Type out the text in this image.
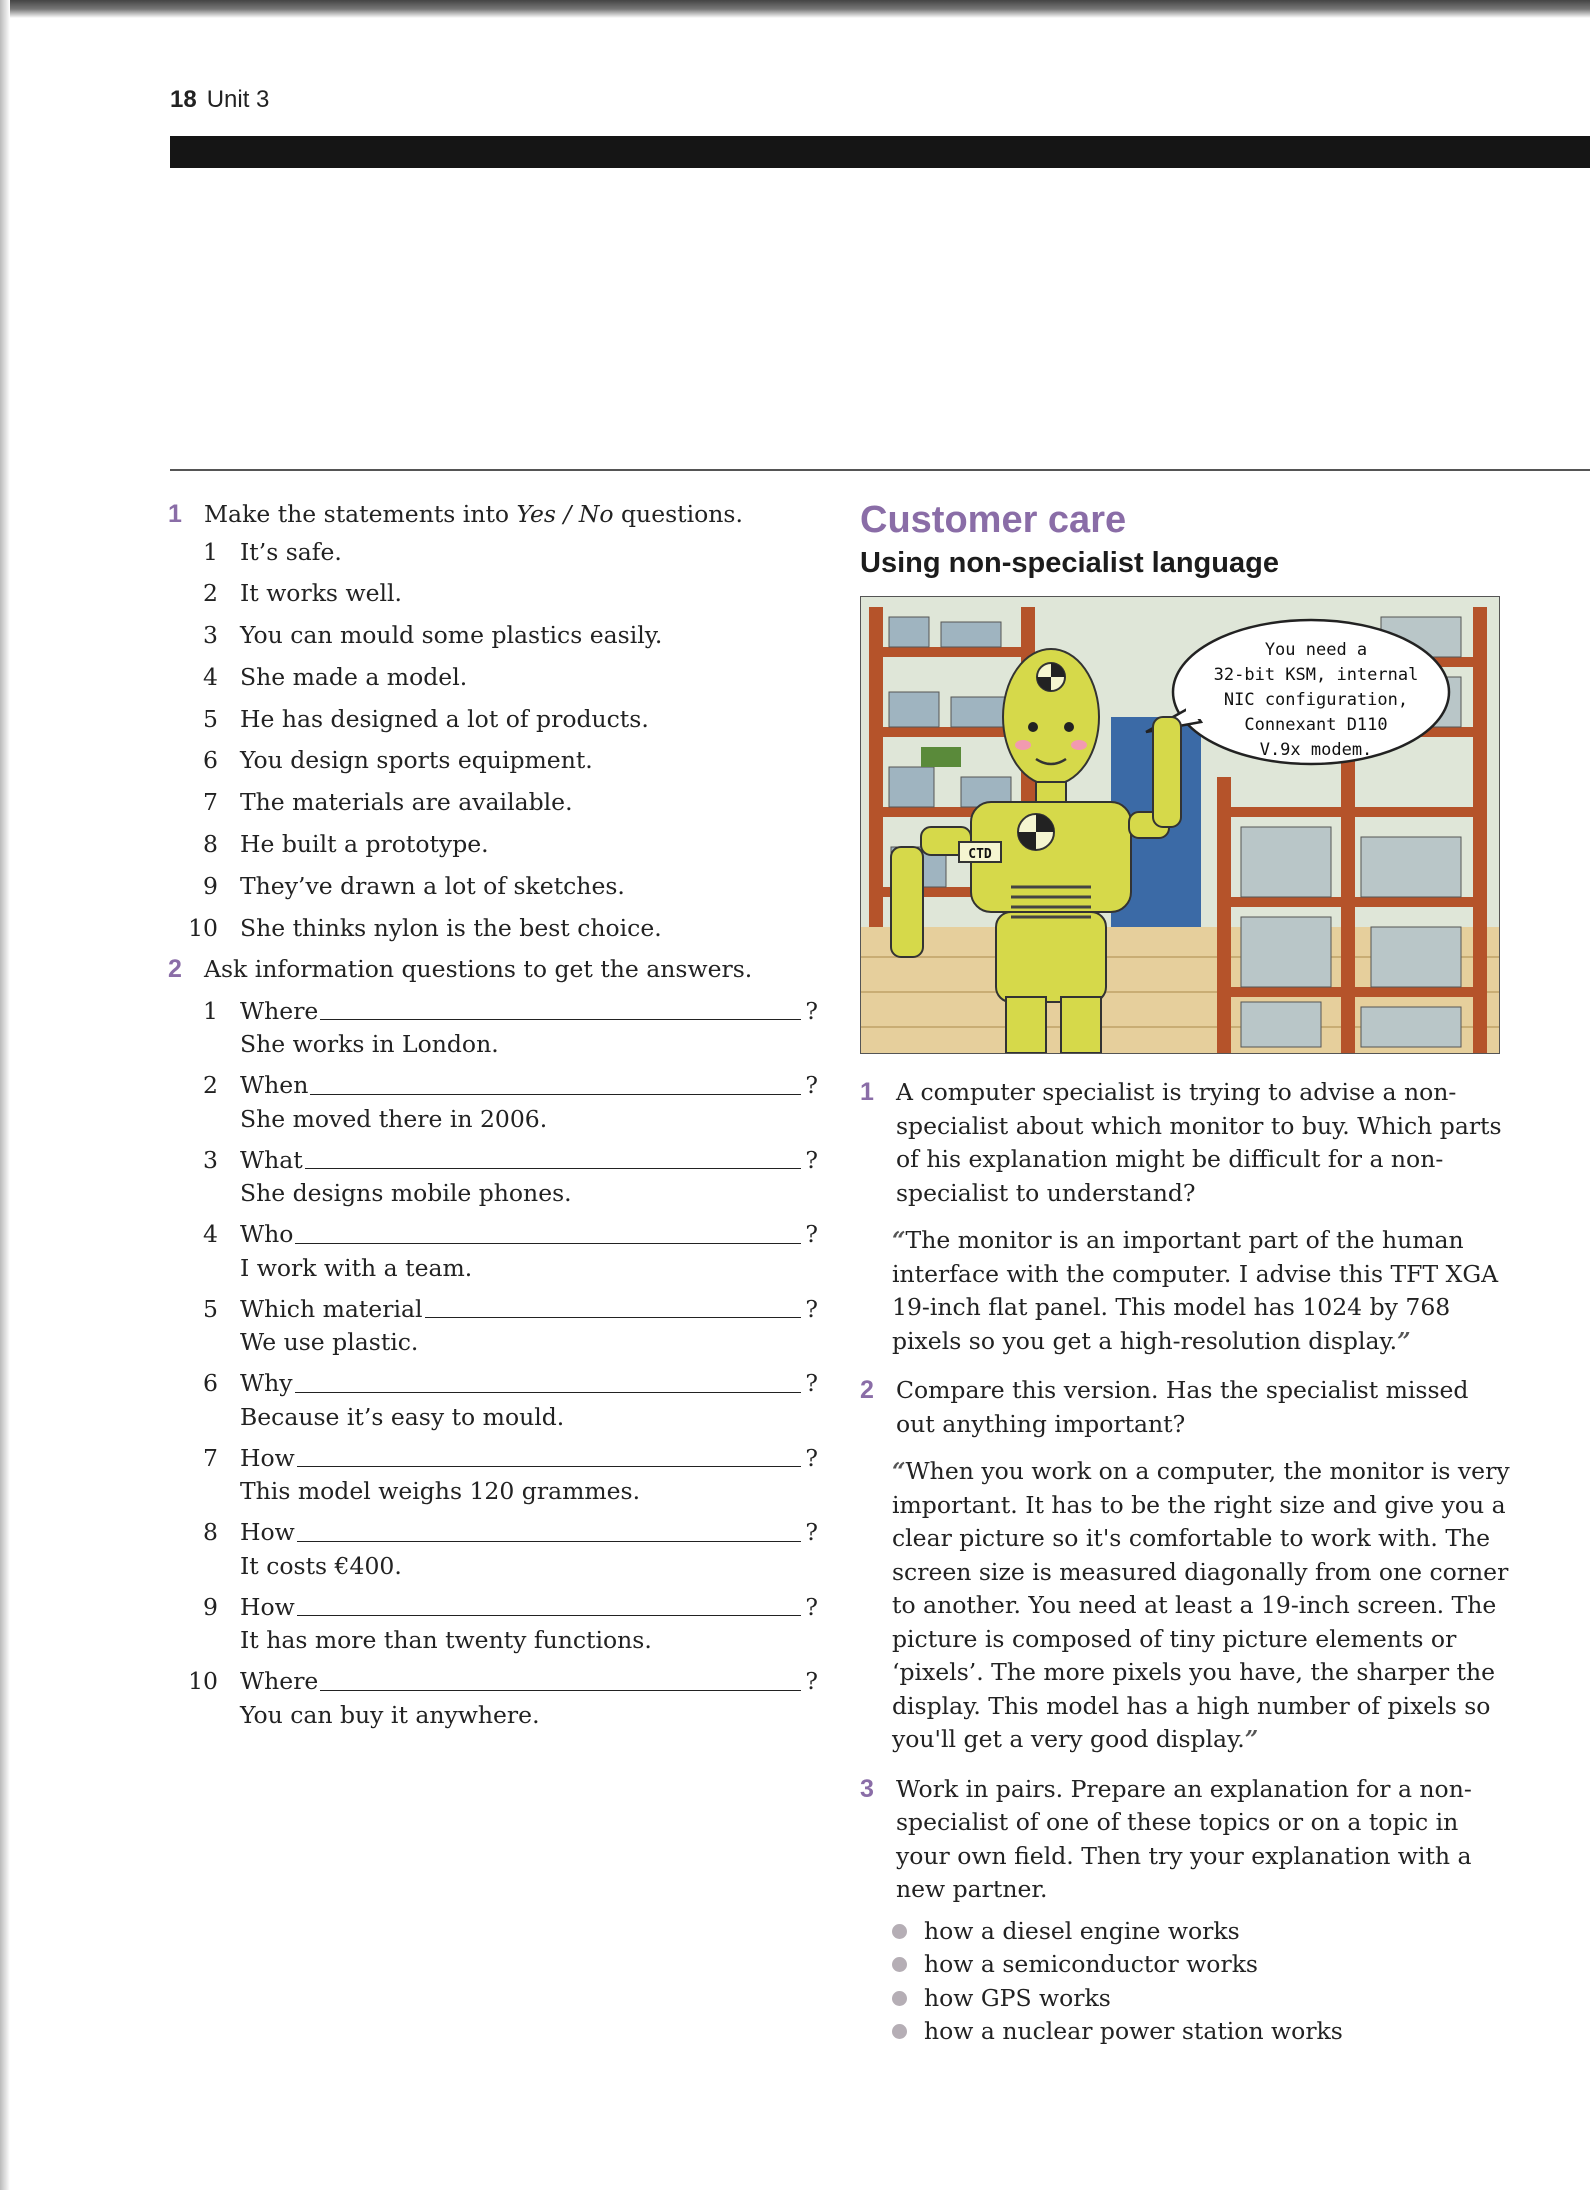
18 Unit 3
1 Make the statements into Yes / No questions.
1 It’s safe.
2 It works well.
3 You can mould some plastics easily.
4 She made a model.
5 He has designed a lot of products.
6 You design sports equipment.
7 The materials are available.
8 He built a prototype.
9 They’ve drawn a lot of sketches.
10 She thinks nylon is the best choice.
2 Ask information questions to get the answers.
1 Where	?
She works in London.
2 When	?
She moved there in 2006.
3 What	?
She designs mobile phones.
4 Who	?
I work with a team.
5 Which material	?
We use plastic.
6 Why	?
Because it’s easy to mould.
7 How	?
This model weighs 120 grammes.
8 How	?
It costs €400.
9 How	?
It has more than twenty functions.
10 Where	?
You can buy it anywhere.
Customer care
Using non-specialist language
You need a
32-bit KSM, internal
NIC configuration,
Connexant D110
V.9x modem.
CTD
1 A computer specialist is trying to advise a non-specialist about which monitor to buy. Which parts of his explanation might be difficult for a non-specialist to understand?
“The monitor is an important part of the human interface with the computer. I advise this TFT XGA 19-inch flat panel. This model has 1024 by 768 pixels so you get a high-resolution display.”
2 Compare this version. Has the specialist missed out anything important?
“When you work on a computer, the monitor is very important. It has to be the right size and give you a clear picture so it's comfortable to work with. The screen size is measured diagonally from one corner to another. You need at least a 19-inch screen. The picture is composed of tiny picture elements or ‘pixels’. The more pixels you have, the sharper the display. This model has a high number of pixels so you'll get a very good display.”
3 Work in pairs. Prepare an explanation for a non-specialist of one of these topics or on a topic in your own field. Then try your explanation with a new partner.
how a diesel engine works
how a semiconductor works
how GPS works
how a nuclear power station works
